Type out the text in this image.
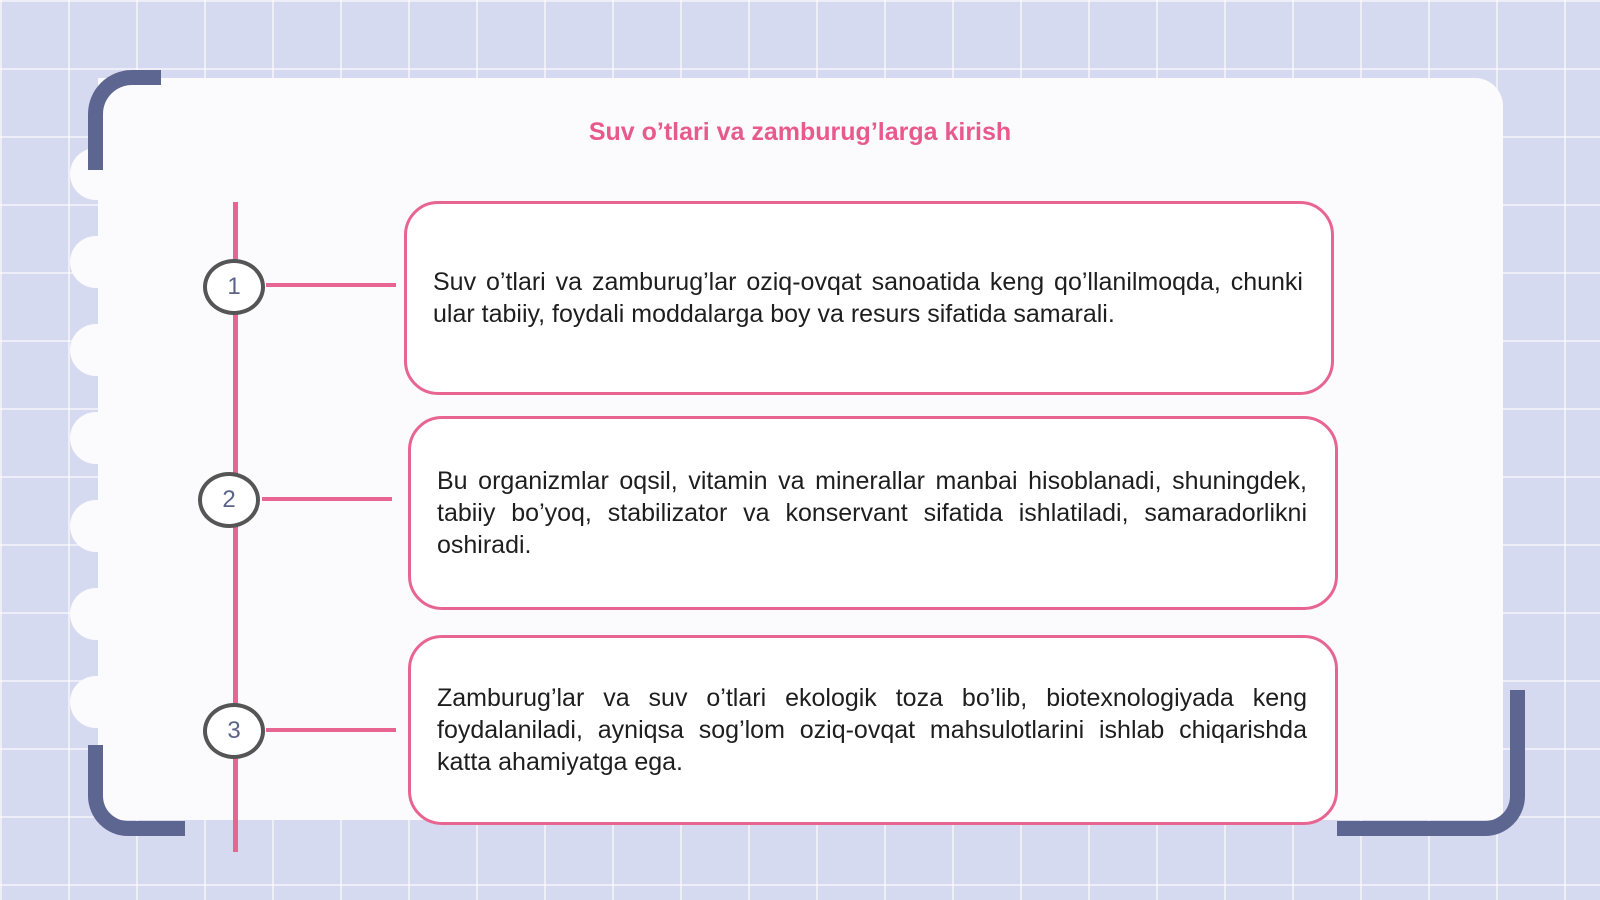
Suv o’tlari va zamburug’larga kirish
1
2
3
Suv o’tlari va zamburug’lar oziq-ovqat sanoatida keng qo’llanilmoqda, chunki ular tabiiy, foydali moddalarga boy va resurs sifatida samarali.
Bu organizmlar oqsil, vitamin va minerallar manbai hisoblanadi, shuningdek, tabiiy bo’yoq, stabilizator va konservant sifatida ishlatiladi, samaradorlikni oshiradi.
Zamburug’lar va suv o’tlari ekologik toza bo’lib, biotexnologiyada keng foydalaniladi, ayniqsa sog’lom oziq-ovqat mahsulotlarini ishlab chiqarishda katta ahamiyatga ega.
